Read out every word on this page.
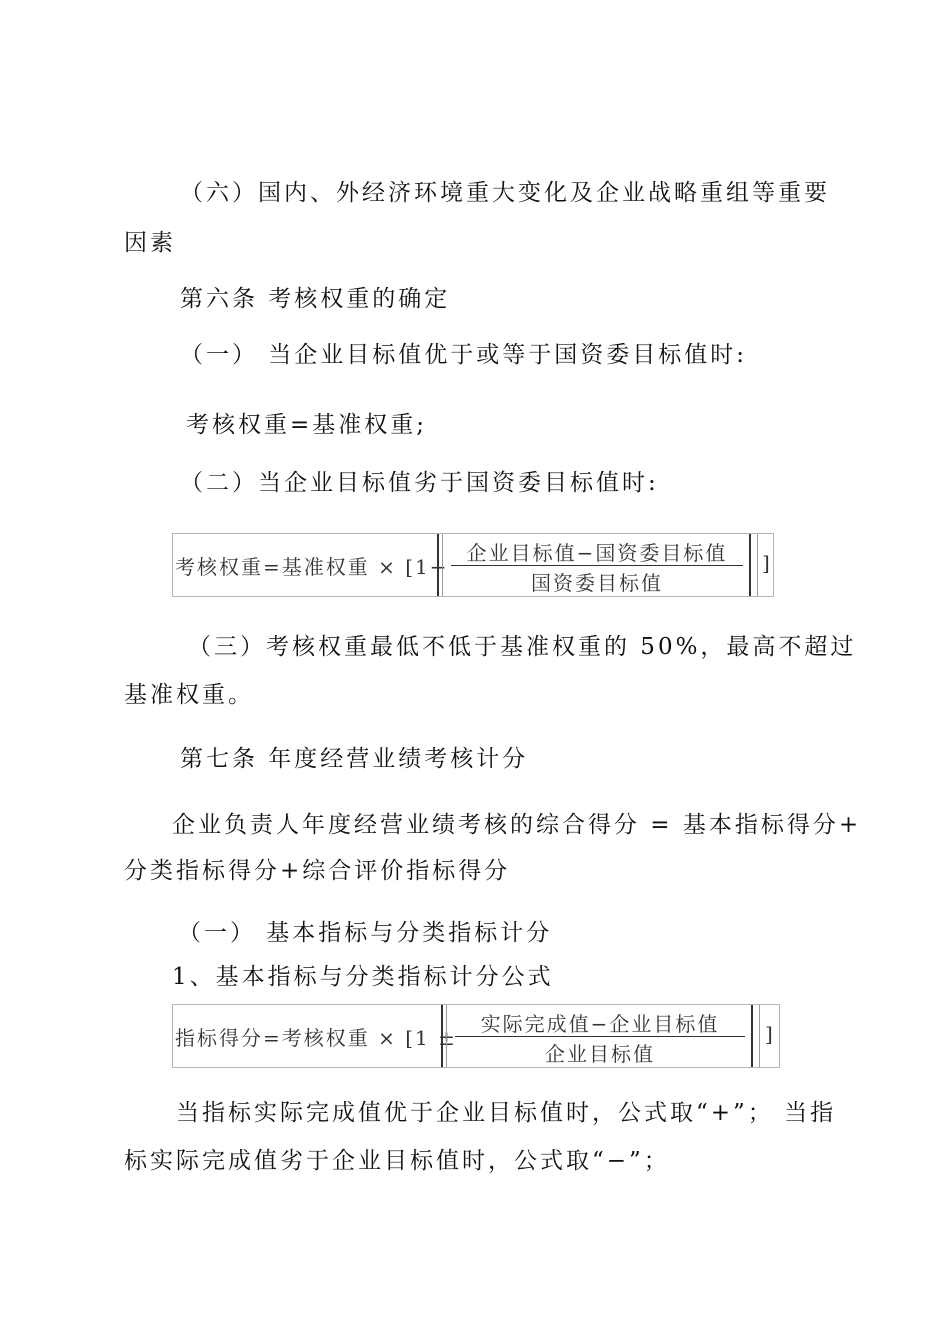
（六）国内、外经济环境重大变化及企业战略重组等重要
因素
第六条 考核权重的确定
（一） 当企业目标值优于或等于国资委目标值时:
考核权重=基准权重;
（二）当企业目标值劣于国资委目标值时:
考核权重=基准权重 × [1−
企业目标值−国资委目标值
国资委目标值
]
（三）考核权重最低不低于基准权重的 50%，最高不超过
基准权重。
第七条 年度经营业绩考核计分
企业负责人年度经营业绩考核的综合得分 = 基本指标得分+
分类指标得分+综合评价指标得分
（一） 基本指标与分类指标计分
1、基本指标与分类指标计分公式
指标得分=考核权重 × [1 ±
实际完成值−企业目标值
企业目标值
]
当指标实际完成值优于企业目标值时，公式取“+”； 当指
标实际完成值劣于企业目标值时，公式取“−”；
